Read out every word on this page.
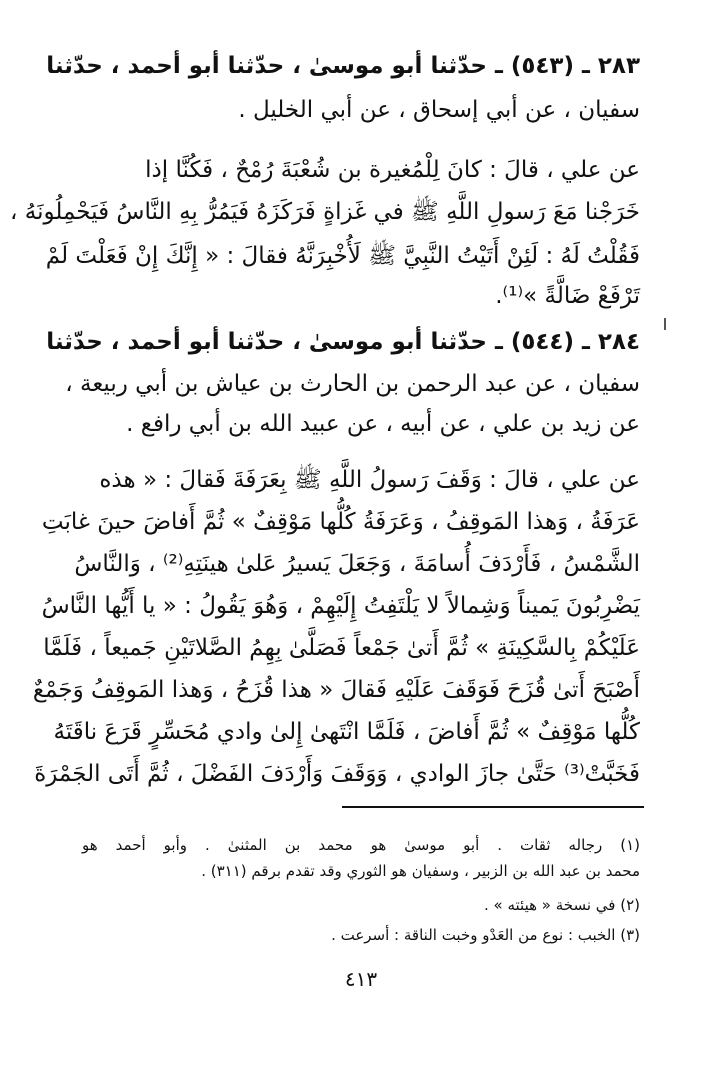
٢٨٣ ـ (٥٤٣) ـ حدّثنا أبو موسىٰ ، حدّثنا أبو أحمد ، حدّثنا
سفيان ، عن أبي إسحاق ، عن أبي الخليل .
عن علي ، قالَ : كانَ لِلْمُغيرة بن شُعْبَةَ رُمْحٌ ، فَكُنَّا إذا
خَرَجْنا مَعَ رَسولِ اللَّهِ ﷺ في غَزاةٍ فَرَكَزَهُ فَيَمُرُّ بِهِ النَّاسُ فَيَحْمِلُونَهُ ،
فَقُلْتُ لَهُ : لَئِنْ أَتَيْتُ النَّبِيَّ ﷺ لَأُخْبِرَنَّهُ فقالَ : « إِنَّكَ إِنْ فَعَلْتَ لَمْ
تَرْفَعْ ضَالَّةً »⁽¹⁾.
٢٨٤ ـ (٥٤٤) ـ حدّثنا أبو موسىٰ ، حدّثنا أبو أحمد ، حدّثنا
سفيان ، عن عبد الرحمن بن الحارث بن عياش بن أبي ربيعة ،
عن زيد بن علي ، عن أبيه ، عن عبيد الله بن أبي رافع .
عن علي ، قالَ : وَقَفَ رَسولُ اللَّهِ ﷺ بِعَرَفَةَ فَقالَ : « هذه
عَرَفَةُ ، وَهذا المَوقِفُ ، وَعَرَفَةُ كُلُّها مَوْقِفٌ » ثُمَّ أَفاضَ حينَ غابَتِ
الشَّمْسُ ، فَأَرْدَفَ أُسامَةَ ، وَجَعَلَ يَسيرُ عَلىٰ هينَتِهِ⁽²⁾ ، وَالنَّاسُ
يَضْرِبُونَ يَميناً وَشِمالاً لا يَلْتَفِتُ إِلَيْهِمْ ، وَهُوَ يَقُولُ : « يا أَيُّها النَّاسُ
عَلَيْكُمْ بِالسَّكِينَةِ » ثُمَّ أَتىٰ جَمْعاً فَصَلَّىٰ بِهِمُ الصَّلاتَيْنِ جَميعاً ، فَلَمَّا
أَصْبَحَ أَتىٰ قُزَحَ فَوَقَفَ عَلَيْهِ فَقالَ « هذا قُزَحُ ، وَهذا المَوقِفُ وَجَمْعٌ
كُلُّها مَوْقِفٌ » ثُمَّ أَفاضَ ، فَلَمَّا انْتَهىٰ إِلىٰ وادي مُحَسِّرٍ قَرَعَ ناقَتَهُ
فَخَبَّتْ⁽³⁾ حَتَّىٰ جازَ الوادي ، وَوَقَفَ وَأَرْدَفَ الفَضْلَ ، ثُمَّ أَتَى الجَمْرَةَ
(١) رجاله ثقات . أبو موسىٰ هو محمد بن المثنىٰ . وأبو أحمد هو
محمد بن عبد الله بن الزبير ، وسفيان هو الثوري وقد تقدم برقم (٣١١) .
(٢) في نسخة « هيئته » .
(٣) الخبب : نوع من العَدْو وخبت الناقة : أسرعت .
٤١٣
